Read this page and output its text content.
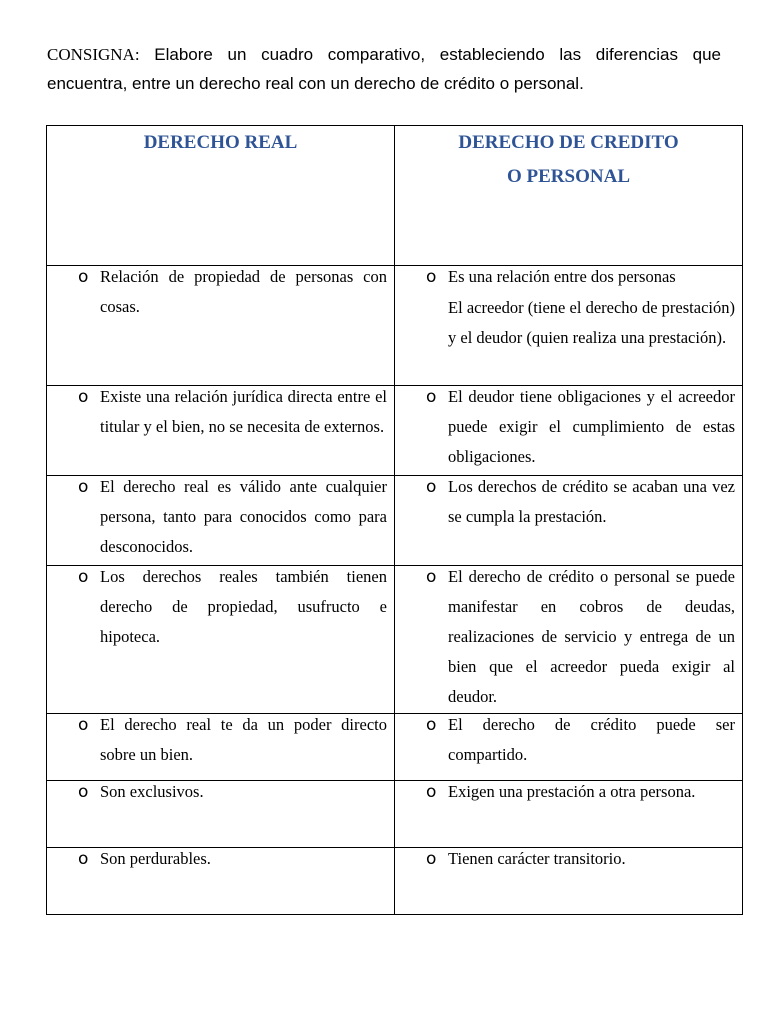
CONSIGNA: Elabore un cuadro comparativo, estableciendo las diferencias que encuentra, entre un derecho real con un derecho de crédito o personal.
DERECHO REAL	DERECHO DE CREDITO
O PERSONAL

o Relación de propiedad de personas con cosas.	o Es una relación entre dos personas
El acreedor (tiene el derecho de prestación) y el deudor (quien realiza una prestación).

o Existe una relación jurídica directa entre el titular y el bien, no se necesita de externos.	o El deudor tiene obligaciones y el acreedor puede exigir el cumplimiento de estas obligaciones.

o El derecho real es válido ante cualquier persona, tanto para conocidos como para desconocidos.	o Los derechos de crédito se acaban una vez se cumpla la prestación.

o Los derechos reales también tienen derecho de propiedad, usufructo e hipoteca.	o El derecho de crédito o personal se puede manifestar en cobros de deudas, realizaciones de servicio y entrega de un bien que el acreedor pueda exigir al deudor.

o El derecho real te da un poder directo sobre un bien.	o El derecho de crédito puede ser compartido.

o Son exclusivos.	o Exigen una prestación a otra persona.

o Son perdurables.	o Tienen carácter transitorio.
